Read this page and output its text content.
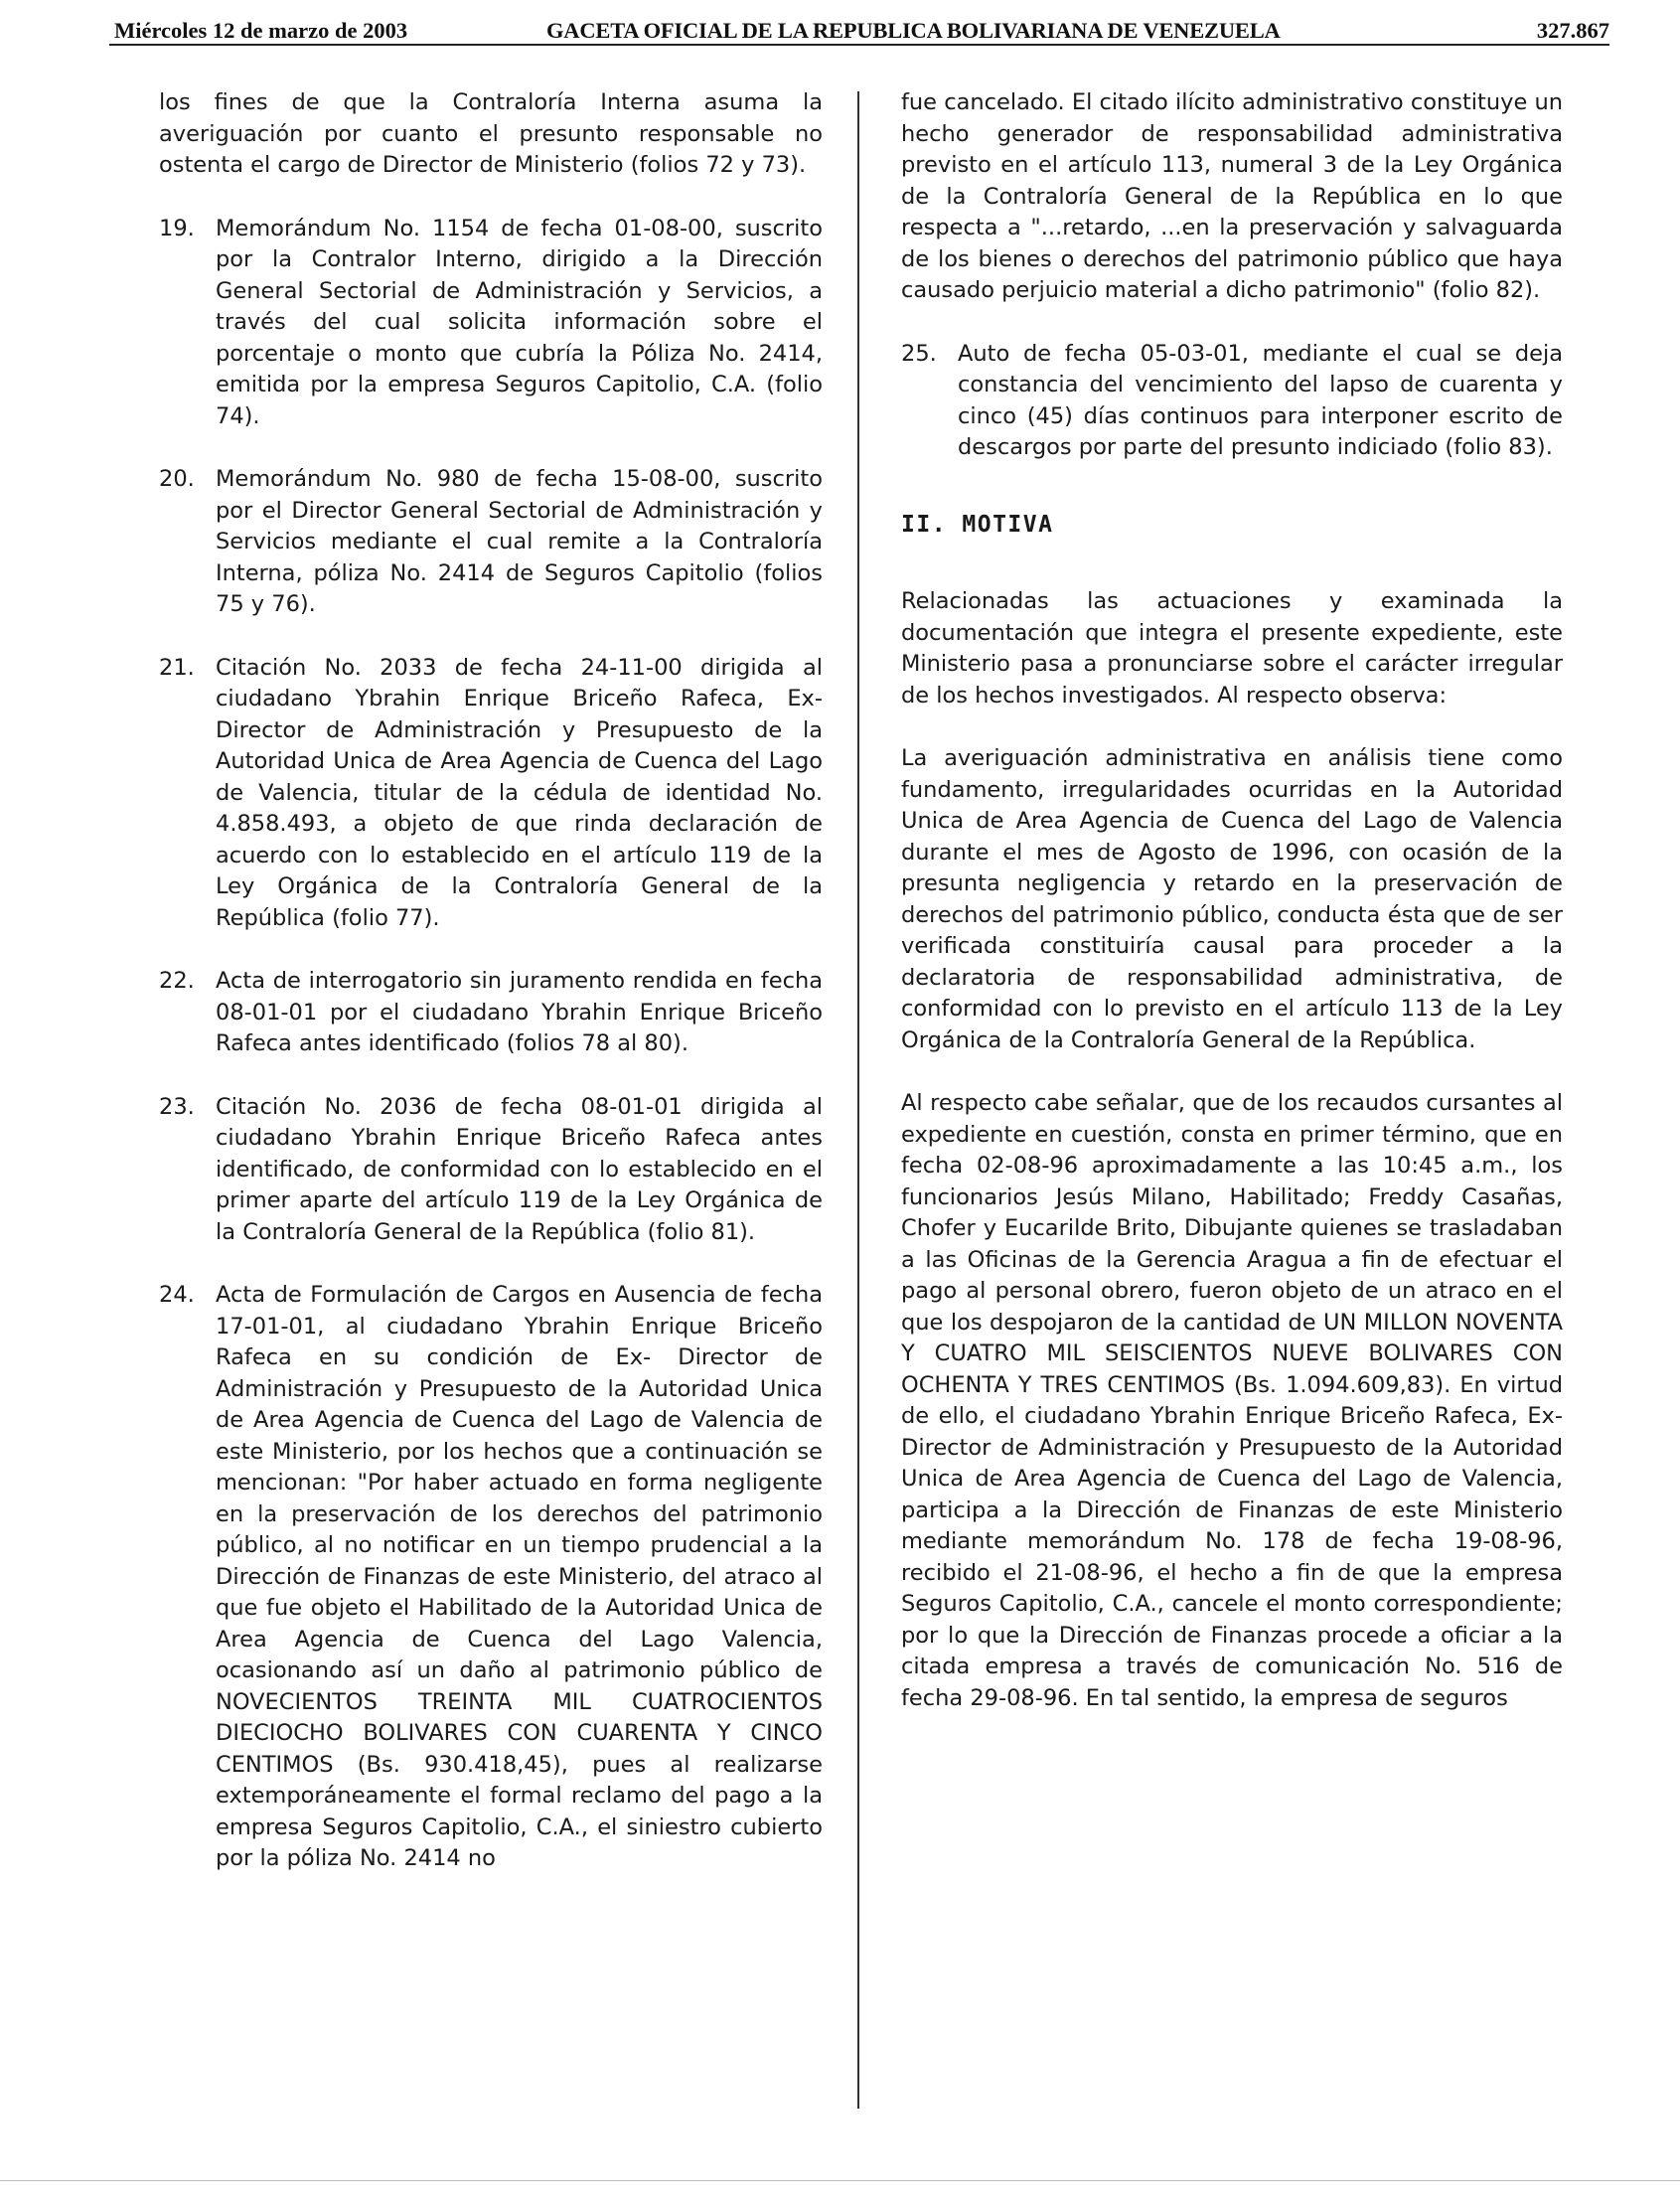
Miércoles 12 de marzo de 2003	GACETA OFICIAL DE LA REPUBLICA BOLIVARIANA DE VENEZUELA	327.867

los fines de que la Contraloría Interna asuma la averiguación por cuanto el presunto responsable no ostenta el cargo de Director de Ministerio (folios 72 y 73).

19. Memorándum No. 1154 de fecha 01-08-00, suscrito por la Contralor Interno, dirigido a la Dirección General Sectorial de Administración y Servicios, a través del cual solicita información sobre el porcentaje o monto que cubría la Póliza No. 2414, emitida por la empresa Seguros Capitolio, C.A. (folio 74).
20. Memorándum No. 980 de fecha 15-08-00, suscrito por el Director General Sectorial de Administración y Servicios mediante el cual remite a la Contraloría Interna, póliza No. 2414 de Seguros Capitolio (folios 75 y 76).
21. Citación No. 2033 de fecha 24-11-00 dirigida al ciudadano Ybrahin Enrique Briceño Rafeca, Ex-Director de Administración y Presupuesto de la Autoridad Unica de Area Agencia de Cuenca del Lago de Valencia, titular de la cédula de identidad No. 4.858.493, a objeto de que rinda declaración de acuerdo con lo establecido en el artículo 119 de la Ley Orgánica de la Contraloría General de la República (folio 77).
22. Acta de interrogatorio sin juramento rendida en fecha 08-01-01 por el ciudadano Ybrahin Enrique Briceño Rafeca antes identificado (folios 78 al 80).
23. Citación No. 2036 de fecha 08-01-01 dirigida al ciudadano Ybrahin Enrique Briceño Rafeca antes identificado, de conformidad con lo establecido en el primer aparte del artículo 119 de la Ley Orgánica de la Contraloría General de la República (folio 81).
24. Acta de Formulación de Cargos en Ausencia de fecha 17-01-01, al ciudadano Ybrahin Enrique Briceño Rafeca en su condición de Ex- Director de Administración y Presupuesto de la Autoridad Unica de Area Agencia de Cuenca del Lago de Valencia de este Ministerio, por los hechos que a continuación se mencionan: "Por haber actuado en forma negligente en la preservación de los derechos del patrimonio público, al no notificar en un tiempo prudencial a la Dirección de Finanzas de este Ministerio, del atraco al que fue objeto el Habilitado de la Autoridad Unica de Area Agencia de Cuenca del Lago Valencia, ocasionando así un daño al patrimonio público de NOVECIENTOS TREINTA MIL CUATROCIENTOS DIECIOCHO BOLIVARES CON CUARENTA Y CINCO CENTIMOS (Bs. 930.418,45), pues al realizarse extemporáneamente el formal reclamo del pago a la empresa Seguros Capitolio, C.A., el siniestro cubierto por la póliza No. 2414 no

fue cancelado. El citado ilícito administrativo constituye un hecho generador de responsabilidad administrativa previsto en el artículo 113, numeral 3 de la Ley Orgánica de la Contraloría General de la República en lo que respecta a "...retardo, ...en la preservación y salvaguarda de los bienes o derechos del patrimonio público que haya causado perjuicio material a dicho patrimonio" (folio 82).

25. Auto de fecha 05-03-01, mediante el cual se deja constancia del vencimiento del lapso de cuarenta y cinco (45) días continuos para interponer escrito de descargos por parte del presunto indiciado (folio 83).

II. MOTIVA

Relacionadas las actuaciones y examinada la documentación que integra el presente expediente, este Ministerio pasa a pronunciarse sobre el carácter irregular de los hechos investigados. Al respecto observa:

La averiguación administrativa en análisis tiene como fundamento, irregularidades ocurridas en la Autoridad Unica de Area Agencia de Cuenca del Lago de Valencia durante el mes de Agosto de 1996, con ocasión de la presunta negligencia y retardo en la preservación de derechos del patrimonio público, conducta ésta que de ser verificada constituiría causal para proceder a la declaratoria de responsabilidad administrativa, de conformidad con lo previsto en el artículo 113 de la Ley Orgánica de la Contraloría General de la República.

Al respecto cabe señalar, que de los recaudos cursantes al expediente en cuestión, consta en primer término, que en fecha 02-08-96 aproximadamente a las 10:45 a.m., los funcionarios Jesús Milano, Habilitado; Freddy Casañas, Chofer y Eucarilde Brito, Dibujante quienes se trasladaban a las Oficinas de la Gerencia Aragua a fin de efectuar el pago al personal obrero, fueron objeto de un atraco en el que los despojaron de la cantidad de UN MILLON NOVENTA Y CUATRO MIL SEISCIENTOS NUEVE BOLIVARES CON OCHENTA Y TRES CENTIMOS (Bs. 1.094.609,83). En virtud de ello, el ciudadano Ybrahin Enrique Briceño Rafeca, Ex-Director de Administración y Presupuesto de la Autoridad Unica de Area Agencia de Cuenca del Lago de Valencia, participa a la Dirección de Finanzas de este Ministerio mediante memorándum No. 178 de fecha 19-08-96, recibido el 21-08-96, el hecho a fin de que la empresa Seguros Capitolio, C.A., cancele el monto correspondiente; por lo que la Dirección de Finanzas procede a oficiar a la citada empresa a través de comunicación No. 516 de fecha 29-08-96. En tal sentido, la empresa de seguros
